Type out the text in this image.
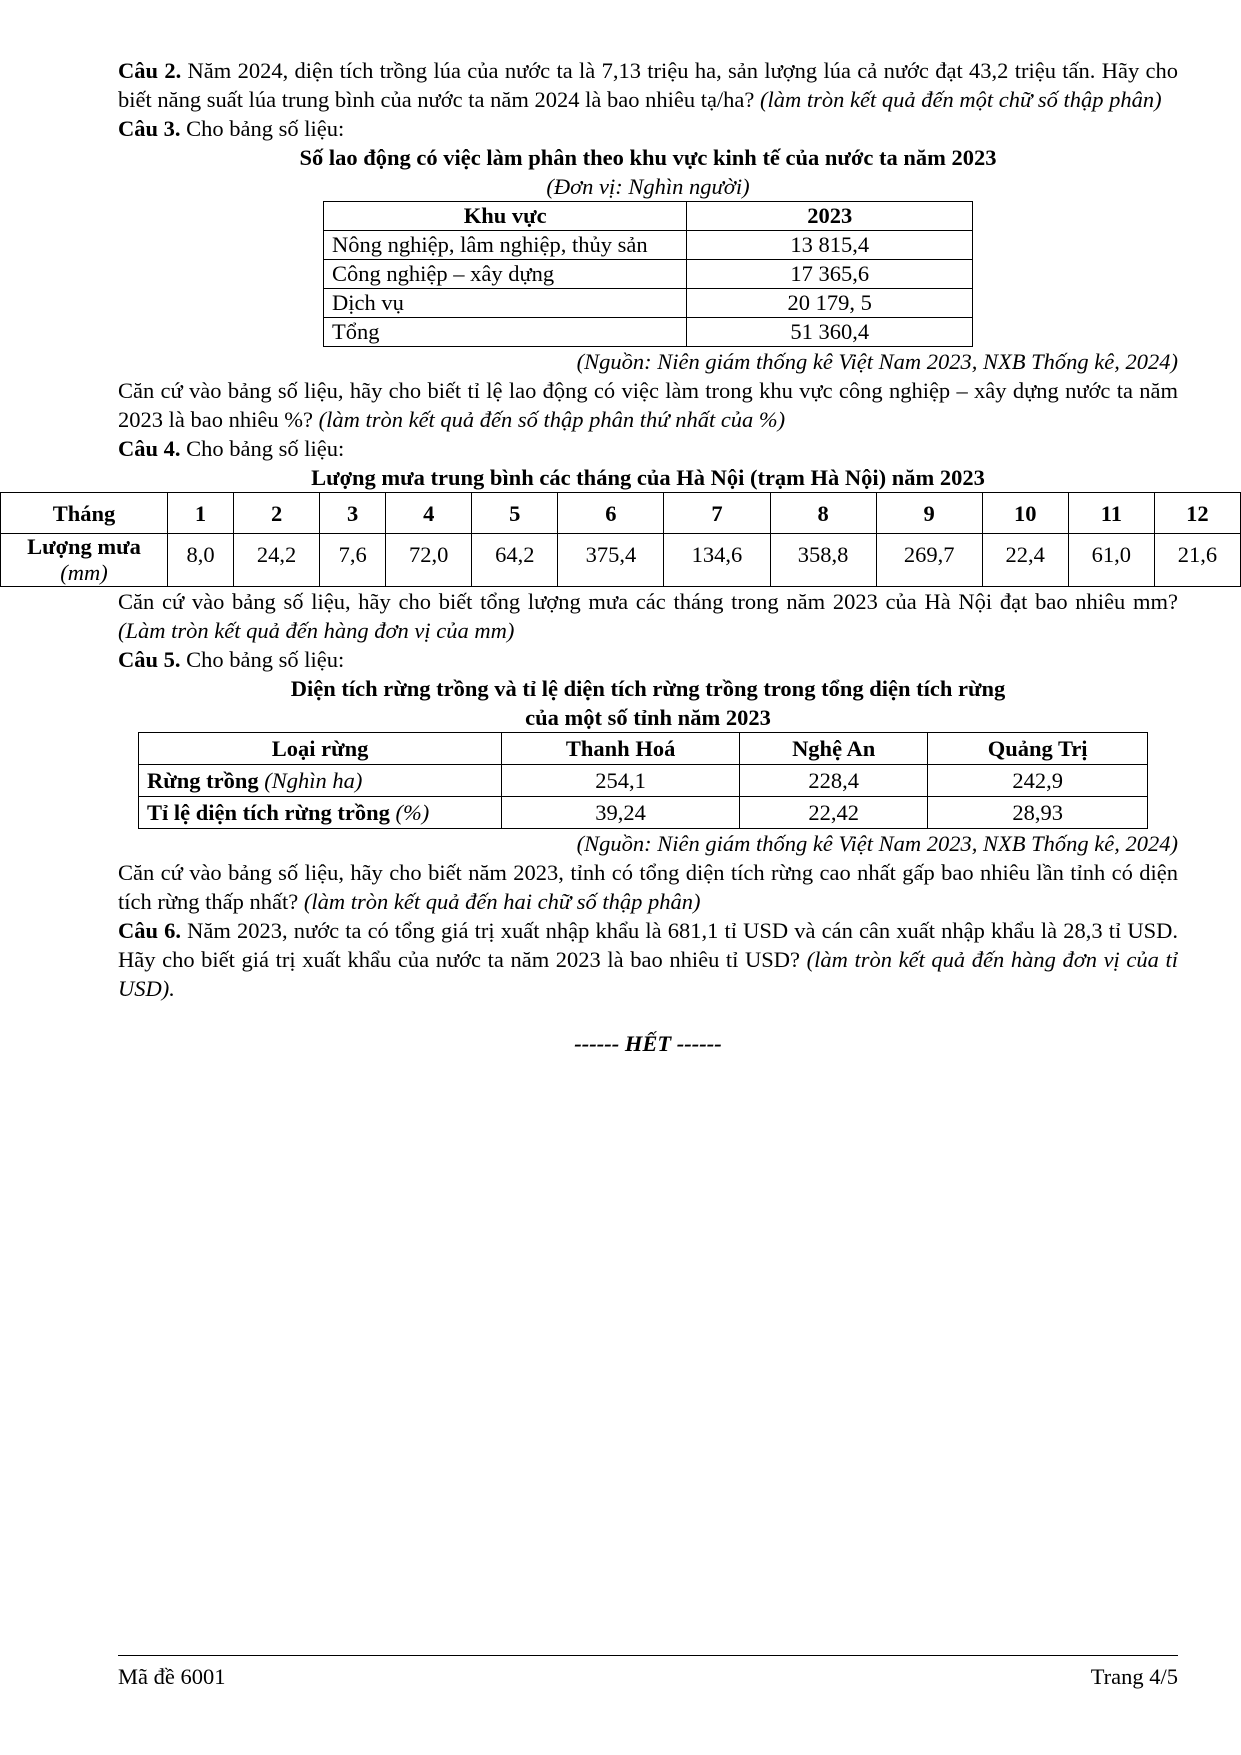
Câu 2. Năm 2024, diện tích trồng lúa của nước ta là 7,13 triệu ha, sản lượng lúa cả nước đạt 43,2 triệu tấn. Hãy cho biết năng suất lúa trung bình của nước ta năm 2024 là bao nhiêu tạ/ha? (làm tròn kết quả đến một chữ số thập phân)

Câu 3. Cho bảng số liệu:

Số lao động có việc làm phân theo khu vực kinh tế của nước ta năm 2023

(Đơn vị: Nghìn người)

Khu vực	2023
Nông nghiệp, lâm nghiệp, thủy sản	13 815,4
Công nghiệp – xây dựng	17 365,6
Dịch vụ	20 179, 5
Tổng	51 360,4

(Nguồn: Niên giám thống kê Việt Nam 2023, NXB Thống kê, 2024)

Căn cứ vào bảng số liệu, hãy cho biết tỉ lệ lao động có việc làm trong khu vực công nghiệp – xây dựng nước ta năm 2023 là bao nhiêu %? (làm tròn kết quả đến số thập phân thứ nhất của %)

Câu 4. Cho bảng số liệu:

Lượng mưa trung bình các tháng của Hà Nội (trạm Hà Nội) năm 2023

Tháng	1	2	3	4	5	6	7	8	9	10	11	12
Lượng mưa
(mm)	8,0	24,2	7,6	72,0	64,2	375,4	134,6	358,8	269,7	22,4	61,0	21,6

Căn cứ vào bảng số liệu, hãy cho biết tổng lượng mưa các tháng trong năm 2023 của Hà Nội đạt bao nhiêu mm? (Làm tròn kết quả đến hàng đơn vị của mm)

Câu 5. Cho bảng số liệu:

Diện tích rừng trồng và tỉ lệ diện tích rừng trồng trong tổng diện tích rừng

của một số tỉnh năm 2023

Loại rừng	Thanh Hoá	Nghệ An	Quảng Trị
Rừng trồng (Nghìn ha)	254,1	228,4	242,9
Tỉ lệ diện tích rừng trồng (%)	39,24	22,42	28,93

(Nguồn: Niên giám thống kê Việt Nam 2023, NXB Thống kê, 2024)

Căn cứ vào bảng số liệu, hãy cho biết năm 2023, tỉnh có tổng diện tích rừng cao nhất gấp bao nhiêu lần tỉnh có diện tích rừng thấp nhất? (làm tròn kết quả đến hai chữ số thập phân)

Câu 6. Năm 2023, nước ta có tổng giá trị xuất nhập khẩu là 681,1 tỉ USD và cán cân xuất nhập khẩu là 28,3 tỉ USD. Hãy cho biết giá trị xuất khẩu của nước ta năm 2023 là bao nhiêu tỉ USD? (làm tròn kết quả đến hàng đơn vị của tỉ USD).

------ HẾT ------

Mã đề 6001	Trang 4/5
